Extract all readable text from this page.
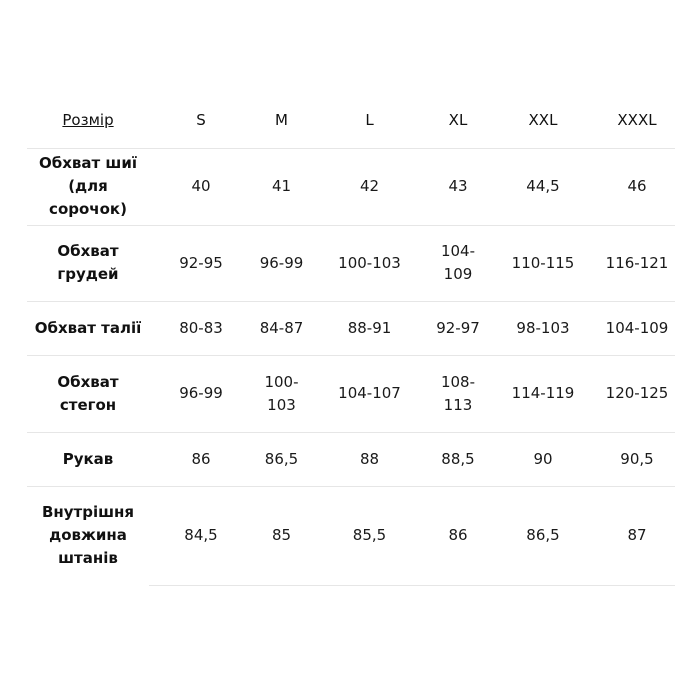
Розмір	S	M	L	XL	XXL	XXXL

Обхват шиї
(для сорочок)	40	41	42	43	44,5	46

Обхват
грудей	92-95	96-99	100-103	104-109	110-115	116-121

Обхват талії	80-83	84-87	88-91	92-97	98-103	104-109

Обхват
стегон	96-99	100-103	104-107	108-113	114-119	120-125

Рукав	86	86,5	88	88,5	90	90,5

Внутрішня
довжина
штанів	84,5	85	85,5	86	86,5	87
